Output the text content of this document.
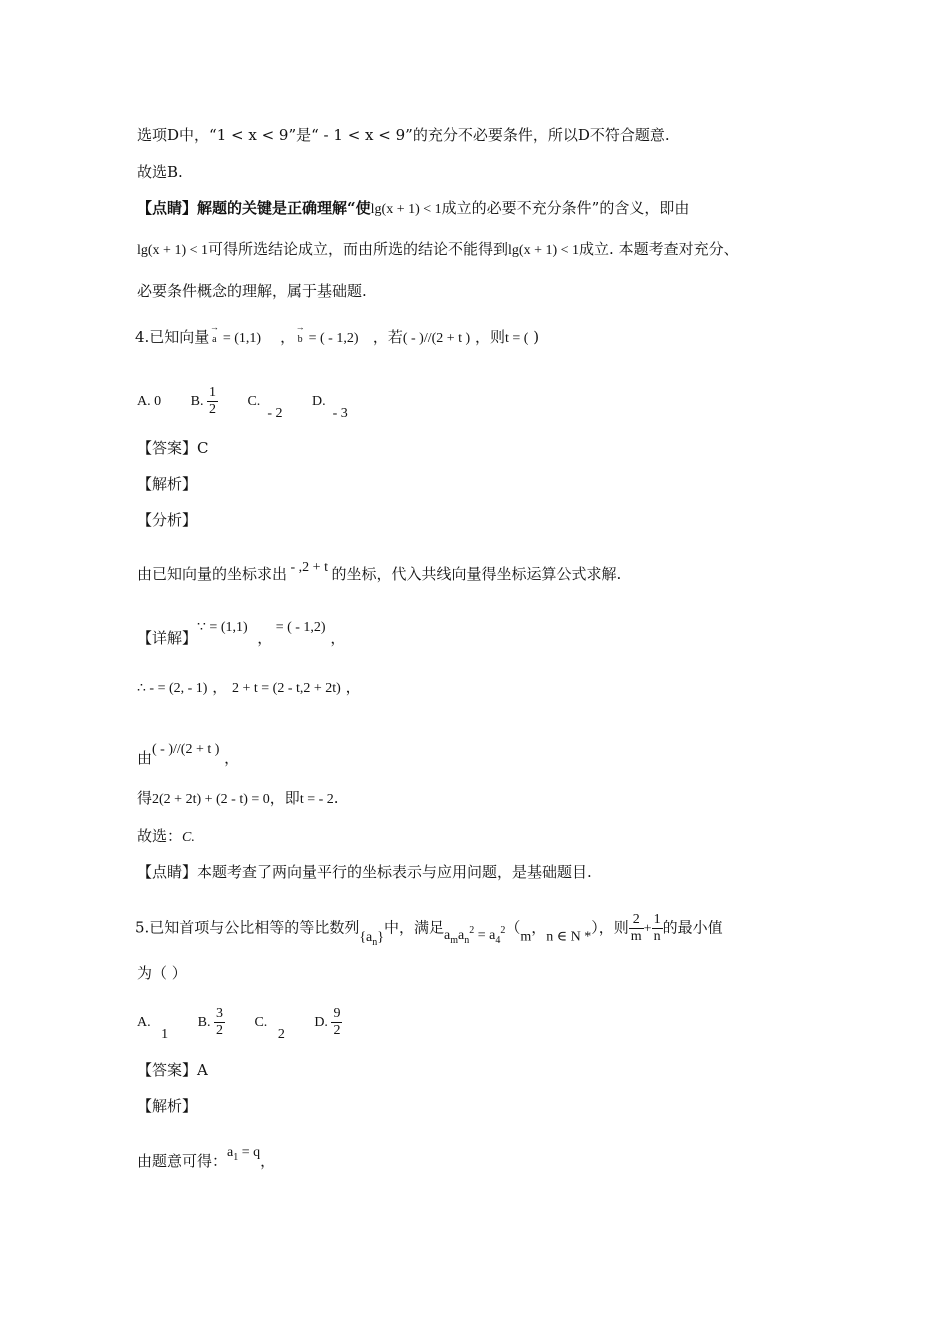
选项D中，“1 < x < 9”是“ - 1 < x < 9”的充分不必要条件，所以D不符合题意.
故选B.
【点睛】解题的关键是正确理解“使lg(x + 1) < 1成立的必要不充分条件”的含义，即由
lg(x + 1) < 1可得所选结论成立，而由所选的结论不能得到lg(x + 1) < 1成立. 本题考查对充分、
必要条件概念的理解，属于基础题.
4.已知向量
→
a = (1,1)    ，
→
b = ( - 1,2) ，若( - )//(2 + t ) ，则t = ( )
A. 0 B. $\frac{1}{2} C$.  - 2 D.  - 3
【答案】C
【解析】
【分析】
由已知向量的坐标求出 - ,2 + t 的坐标，代入共线向量得坐标运算公式求解.
【详解】∵ = (1,1)  ， = ( - 1,2) ，
∴ - = (2, - 1) ， 2 + t = (2 - t,2 + 2t) ，
由( - )//(2 + t ) ，
得2(2 + 2t) + (2 - t) = 0，即t = - 2.
故选：C.
【点睛】本题考查了两向量平行的坐标表示与应用问题，是基础题目.
5.已知首项与公比相等的等比数列$\{a_n\}$中，满足$a_ma_n^2 = a_4^2(m$，n ∈ N *），则 $\frac{2}{m} + \frac{1}{n}$ 的最小值
为（ ）
A.   1 B. $\frac{3}{2} C$.   2 D. $\frac{9}{2}$
【答案】A
【解析】
由题意可得：$a_1 = q$，
